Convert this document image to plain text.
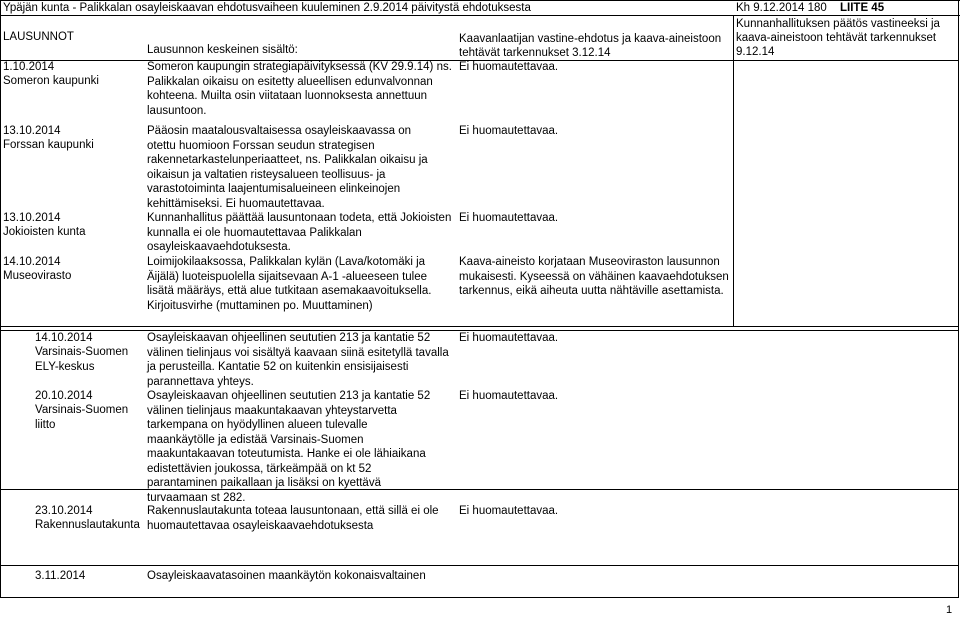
Ypäjän kunta - Palikkalan osayleiskaavan ehdotusvaiheen kuuleminen 2.9.2014 päivitystä ehdotuksesta	Kh 9.12.2014 180 LIITE 45
LAUSUNNOT
Lausunnon keskeinen sisältö:
Kaavanlaatijan vastine-ehdotus ja kaava-aineistoon
tehtävät tarkennukset 3.12.14
Kunnanhallituksen päätös vastineeksi ja
kaava-aineistoon tehtävät tarkennukset
9.12.14
1.10.2014
Someron kaupunki
Someron kaupungin strategiapäivityksessä (KV 29.9.14) ns. Palikkalan oikaisu on esitetty alueellisen edunvalvonnan kohteena. Muilta osin viitataan luonnoksesta annettuun lausuntoon.
Ei huomautettavaa.
13.10.2014
Forssan kaupunki
Pääosin maatalousvaltaisessa osayleiskaavassa on otettu huomioon Forssan seudun strategisen rakennetarkastelunperiaatteet, ns. Palikkalan oikaisu ja oikaisun ja valtatien risteysalueen teollisuus- ja varastotoiminta laajentumisalueineen elinkeinojen kehittämiseksi. Ei huomautettavaa.
Ei huomautettavaa.
13.10.2014
Jokioisten kunta
Kunnanhallitus päättää lausuntonaan todeta, että Jokioisten kunnalla ei ole huomautettavaa Palikkalan osayleiskaavaehdotuksesta.
Ei huomautettavaa.
14.10.2014
Museovirasto
Loimijokilaaksossa, Palikkalan kylän (Lava/kotomäki ja Äijälä) luoteispuolella sijaitsevaan A-1 -alueeseen tulee lisätä määräys, että alue tutkitaan asemakaavoituksella. Kirjoitusvirhe (muttaminen po. Muuttaminen)
Kaava-aineisto korjataan Museoviraston lausunnon mukaisesti. Kyseessä on vähäinen kaavaehdotuksen tarkennus, eikä aiheuta uutta nähtäville asettamista.
14.10.2014
Varsinais-Suomen ELY-keskus
Osayleiskaavan ohjeellinen seututien 213 ja kantatie 52 välinen tielinjaus voi sisältyä kaavaan siinä esitetyllä tavalla ja perusteilla. Kantatie 52 on kuitenkin ensisijaisesti parannettava yhteys.
Ei huomautettavaa.
20.10.2014
Varsinais-Suomen liitto
Osayleiskaavan ohjeellinen seututien 213 ja kantatie 52 välinen tielinjaus maakuntakaavan yhteystarvetta tarkempana on hyödyllinen alueen tulevalle maankäytölle ja edistää Varsinais-Suomen maakuntakaavan toteutumista. Hanke ei ole lähiaikana edistettävien joukossa, tärkeämpää on kt 52 parantaminen paikallaan ja lisäksi on kyettävä turvaamaan st 282.
Ei huomautettavaa.
23.10.2014
Rakennuslautakunta
Rakennuslautakunta toteaa lausuntonaan, että sillä ei ole huomautettavaa osayleiskaavaehdotuksesta
Ei huomautettavaa.
3.11.2014	Osayleiskaavatasoinen maankäytön kokonaisvaltainen
1
